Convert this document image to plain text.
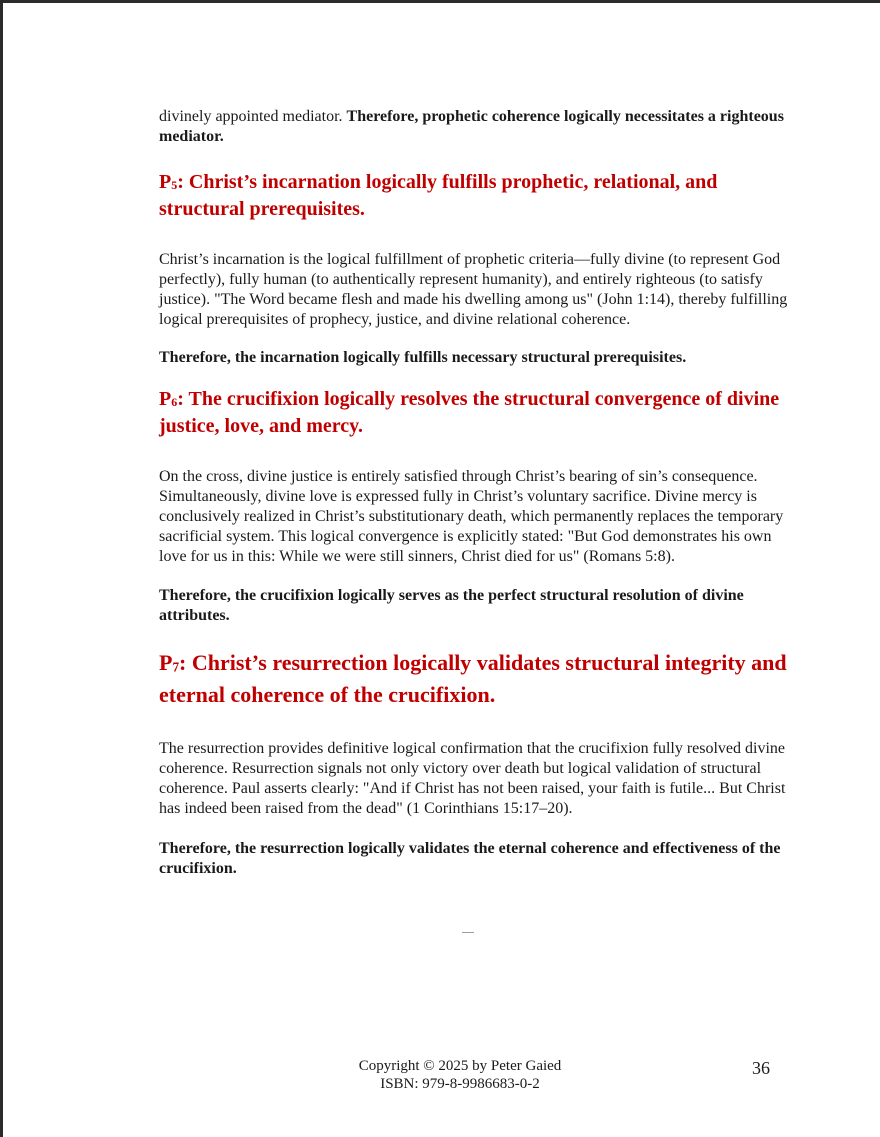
divinely appointed mediator. Therefore, prophetic coherence logically necessitates a righteous mediator.

P5: Christ’s incarnation logically fulfills prophetic, relational, and structural prerequisites.

Christ’s incarnation is the logical fulfillment of prophetic criteria—fully divine (to represent God perfectly), fully human (to authentically represent humanity), and entirely righteous (to satisfy justice). "The Word became flesh and made his dwelling among us" (John 1:14), thereby fulfilling logical prerequisites of prophecy, justice, and divine relational coherence.

Therefore, the incarnation logically fulfills necessary structural prerequisites.

P6: The crucifixion logically resolves the structural convergence of divine justice, love, and mercy.

On the cross, divine justice is entirely satisfied through Christ’s bearing of sin’s consequence. Simultaneously, divine love is expressed fully in Christ’s voluntary sacrifice. Divine mercy is conclusively realized in Christ’s substitutionary death, which permanently replaces the temporary sacrificial system. This logical convergence is explicitly stated: "But God demonstrates his own love for us in this: While we were still sinners, Christ died for us" (Romans 5:8).

Therefore, the crucifixion logically serves as the perfect structural resolution of divine attributes.

P7: Christ’s resurrection logically validates structural integrity and eternal coherence of the crucifixion.

The resurrection provides definitive logical confirmation that the crucifixion fully resolved divine coherence. Resurrection signals not only victory over death but logical validation of structural coherence. Paul asserts clearly: "And if Christ has not been raised, your faith is futile... But Christ has indeed been raised from the dead" (1 Corinthians 15:17–20).

Therefore, the resurrection logically validates the eternal coherence and effectiveness of the crucifixion.

Copyright © 2025 by Peter Gaied
ISBN: 979-8-9986683-0-2
36
